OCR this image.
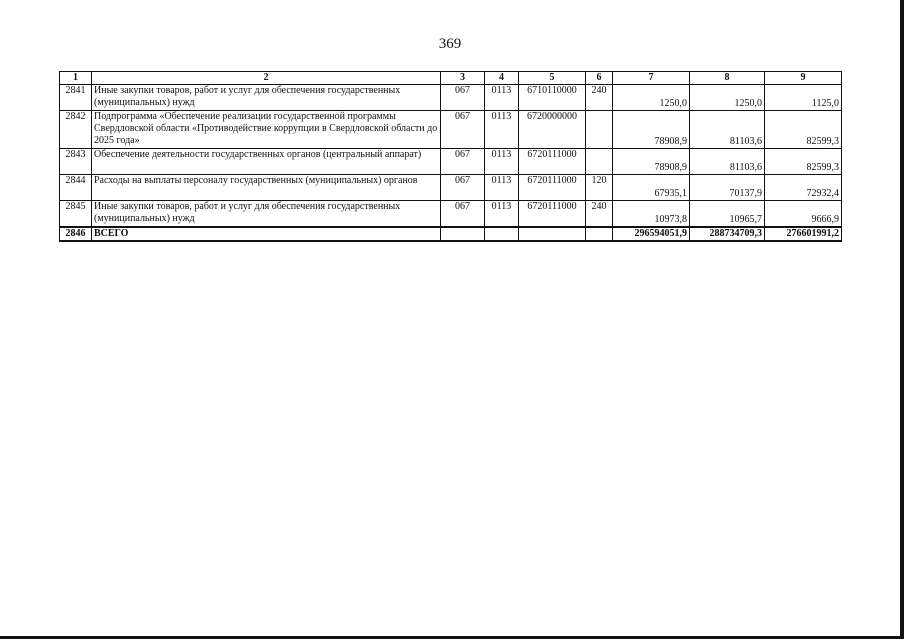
369
1	2	3	4	5	6	7	8	9
2841	Иные закупки товаров, работ и услуг для обеспечения государственных (муниципальных) нужд	067	0113	6710110000	240	1250,0	1250,0	1125,0
2842	Подпрограмма «Обеспечение реализации государственной программы Свердловской области «Противодействие коррупции в Свердловской области до 2025 года»	067	0113	6720000000		78908,9	81103,6	82599,3
2843	Обеспечение деятельности государственных органов (центральный аппарат)	067	0113	6720111000		78908,9	81103,6	82599,3
2844	Расходы на выплаты персоналу государственных (муниципальных) органов	067	0113	6720111000	120	67935,1	70137,9	72932,4
2845	Иные закупки товаров, работ и услуг для обеспечения государственных (муниципальных) нужд	067	0113	6720111000	240	10973,8	10965,7	9666,9
2846	ВСЕГО					296594051,9	288734709,3	276601991,2
